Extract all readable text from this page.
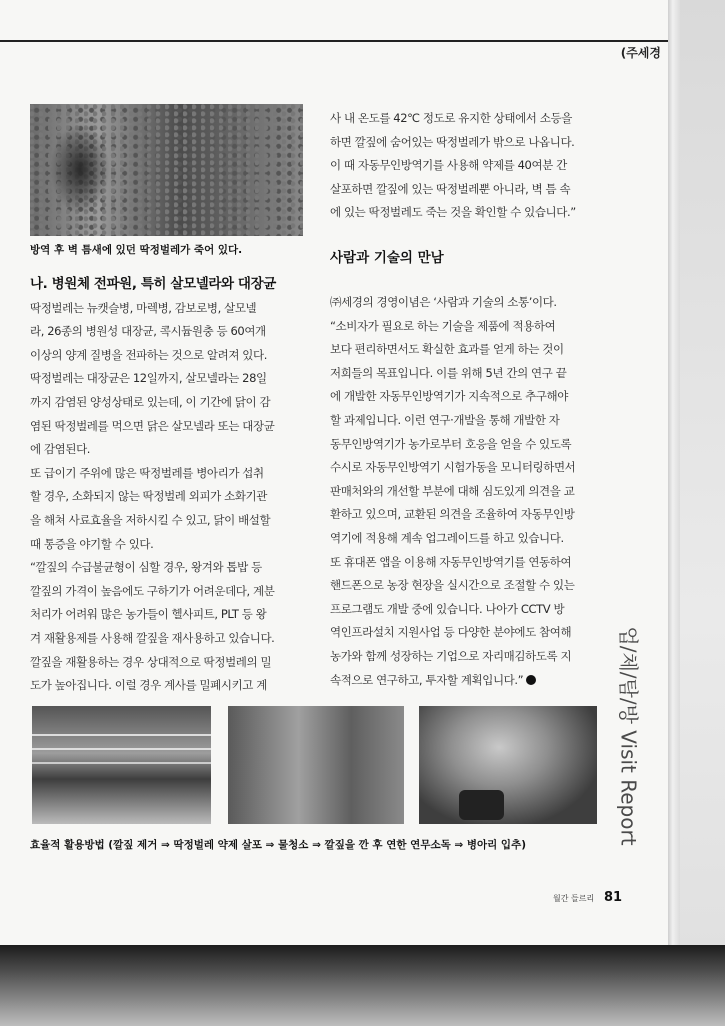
(주세경
방역 후 벽 틈새에 있던 딱정벌레가 죽어 있다.

나. 병원체 전파원, 특히 살모넬라와 대장균

딱정벌레는 뉴캣슬병, 마렉병, 감보로병, 살모넬

라, 26종의 병원성 대장균, 콕시듐원충 등 60여개

이상의 양계 질병을 전파하는 것으로 알려져 있다.

딱정벌레는 대장균은 12일까지, 살모넬라는 28일

까지 감염된 양성상태로 있는데, 이 기간에 닭이 감

염된 딱정벌레를 먹으면 닭은 살모넬라 또는 대장균

에 감염된다.

또 급이기 주위에 많은 딱정벌레를 병아리가 섭취

할 경우, 소화되지 않는 딱정벌레 외피가 소화기관

을 해쳐 사료효율을 저하시킬 수 있고, 닭이 배설할

때 통증을 야기할 수 있다.

“깔짚의 수급불균형이 심할 경우, 왕겨와 톱밥 등

깔짚의 가격이 높음에도 구하기가 어려운데다, 계분

처리가 어려워 많은 농가들이 헬사피트, PLT 등 왕

겨 재활용제를 사용해 깔짚을 재사용하고 있습니다.

깔짚을 재활용하는 경우 상대적으로 딱정벌레의 밀

도가 높아집니다. 이럴 경우 계사를 밀폐시키고 계

사 내 온도를 42℃ 정도로 유지한 상태에서 소등을

하면 깔짚에 숨어있는 딱정벌레가 밖으로 나옵니다.

이 때 자동무인방역기를 사용해 약제를 40여분 간

살포하면 깔짚에 있는 딱정벌레뿐 아니라, 벽 틈 속

에 있는 딱정벌레도 죽는 것을 확인할 수 있습니다.”

사람과 기술의 만남

㈜세경의 경영이념은 ‘사람과 기술의 소통’이다.

“소비자가 필요로 하는 기술을 제품에 적용하여

보다 편리하면서도 확실한 효과를 얻게 하는 것이

저희들의 목표입니다. 이를 위해 5년 간의 연구 끝

에 개발한 자동무인방역기가 지속적으로 추구해야

할 과제입니다. 이런 연구·개발을 통해 개발한 자

동무인방역기가 농가로부터 호응을 얻을 수 있도록

수시로 자동무인방역기 시험가동을 모니터링하면서

판매처와의 개선할 부분에 대해 심도있게 의견을 교

환하고 있으며, 교환된 의견을 조율하여 자동무인방

역기에 적용해 계속 업그레이드를 하고 있습니다.

또 휴대폰 앱을 이용해 자동무인방역기를 연동하여

핸드폰으로 농장 현장을 실시간으로 조절할 수 있는

프로그램도 개발 중에 있습니다. 나아가 CCTV 방

역인프라설치 지원사업 등 다양한 분야에도 참여해

농가와 함께 성장하는 기업으로 자리매김하도록 지

속적으로 연구하고, 투자할 계획입니다.”

효율적 활용방법 (깔짚 제거 ⇒ 딱정벌레 약제 살포 ⇒ 물청소 ⇒ 깔짚을 깐 후 연한 연무소독 ⇒ 병아리 입추)	업/체/탐/방 Visit Report
월간 들르리 81
